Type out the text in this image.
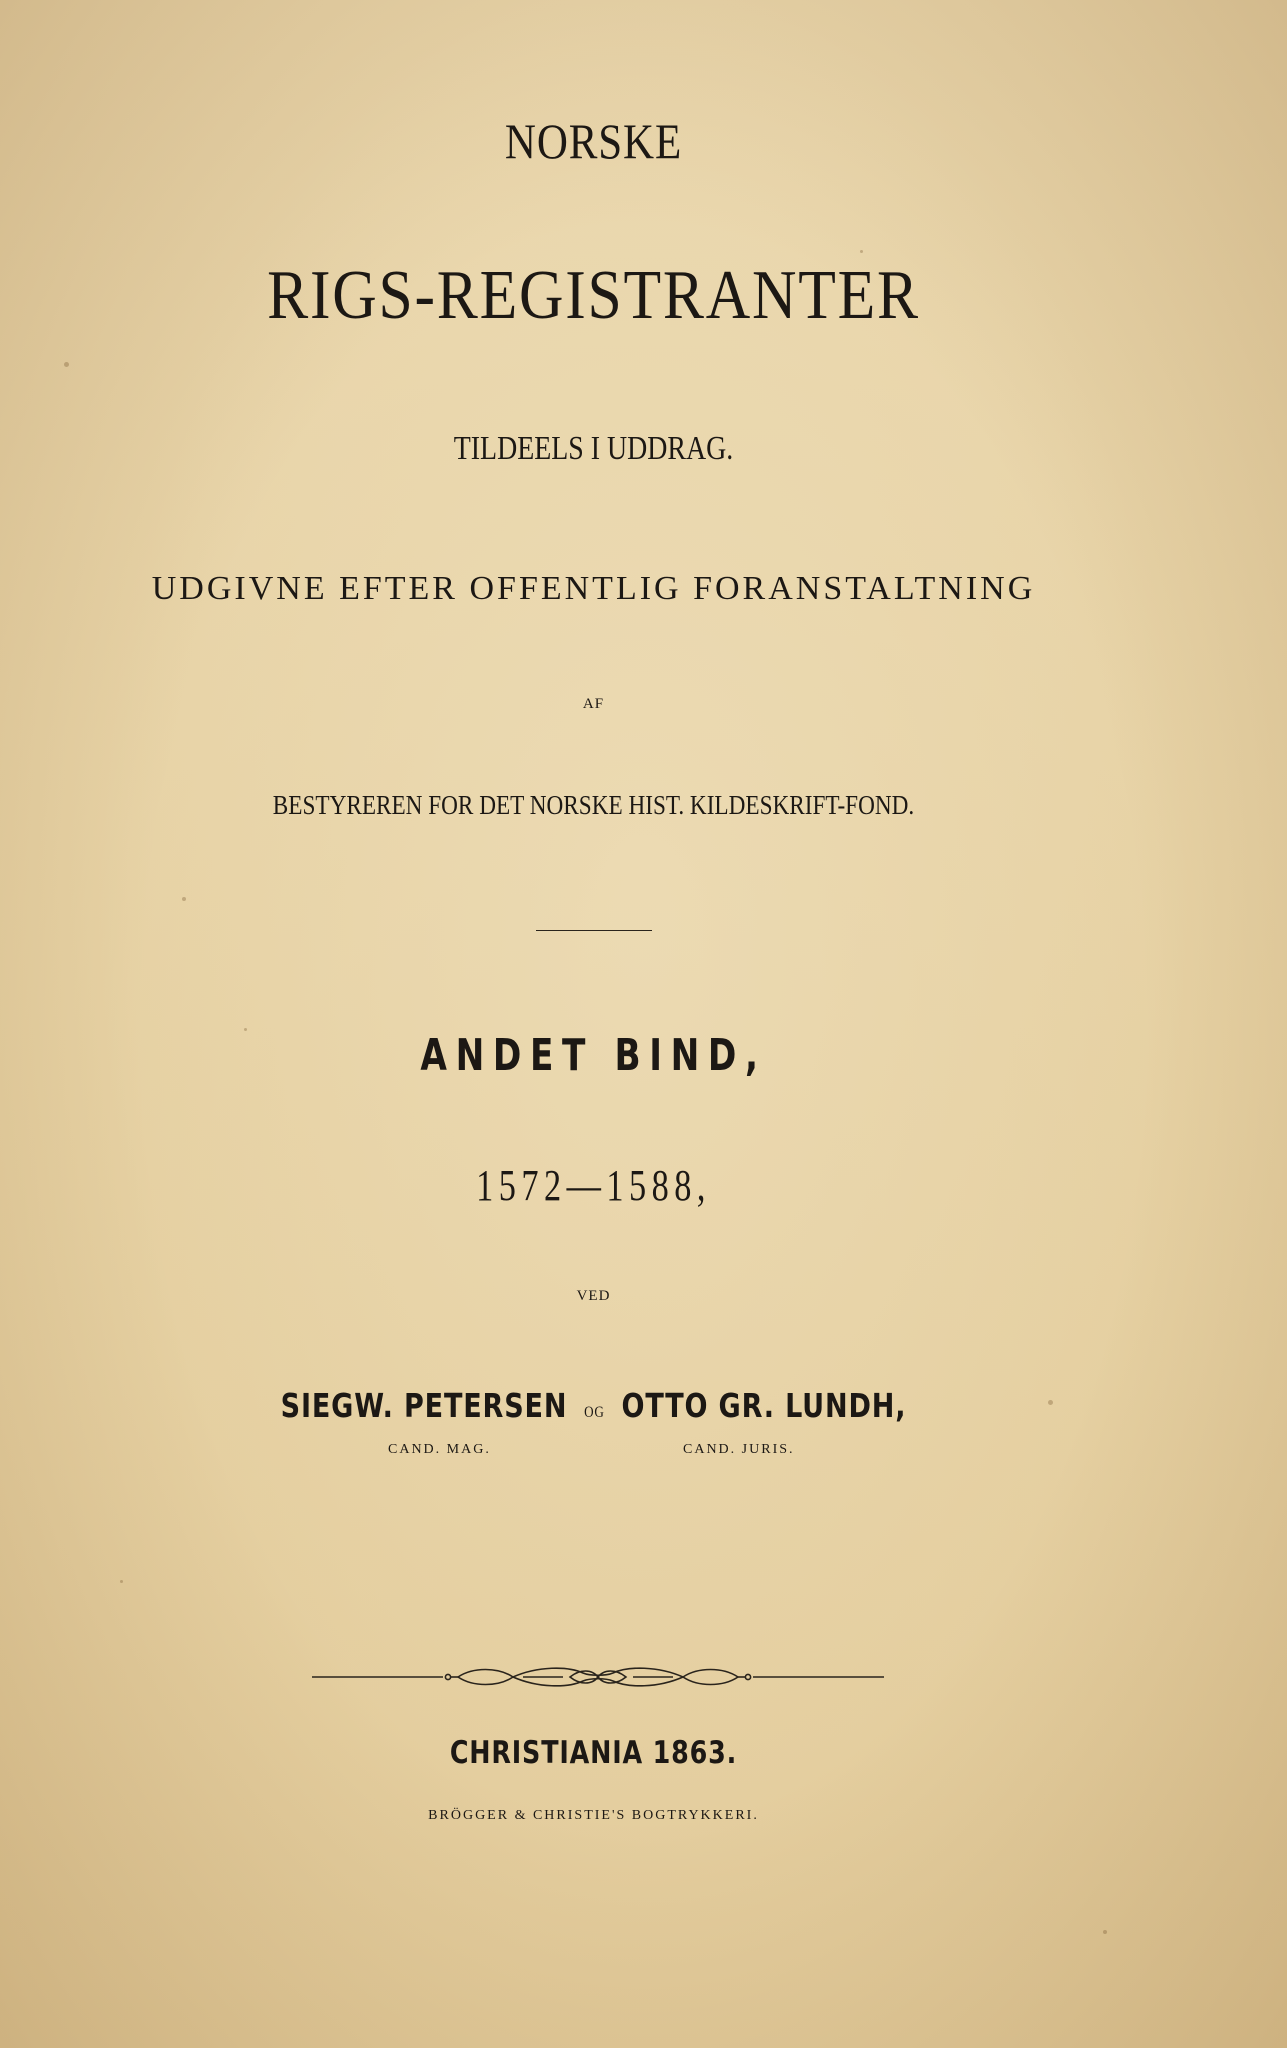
NORSKE

RIGS-REGISTRANTER

TILDEELS I UDDRAG.

UDGIVNE EFTER OFFENTLIG FORANSTALTNING

AF

BESTYREREN FOR DET NORSKE HIST. KILDESKRIFT-FOND.

ANDET BIND,

1572—1588,

VED

SIEGW. PETERSEN OG OTTO GR. LUNDH,

CAND. MAG.	CAND. JURIS.

CHRISTIANIA 1863.

BRÖGGER & CHRISTIE'S BOGTRYKKERI.
